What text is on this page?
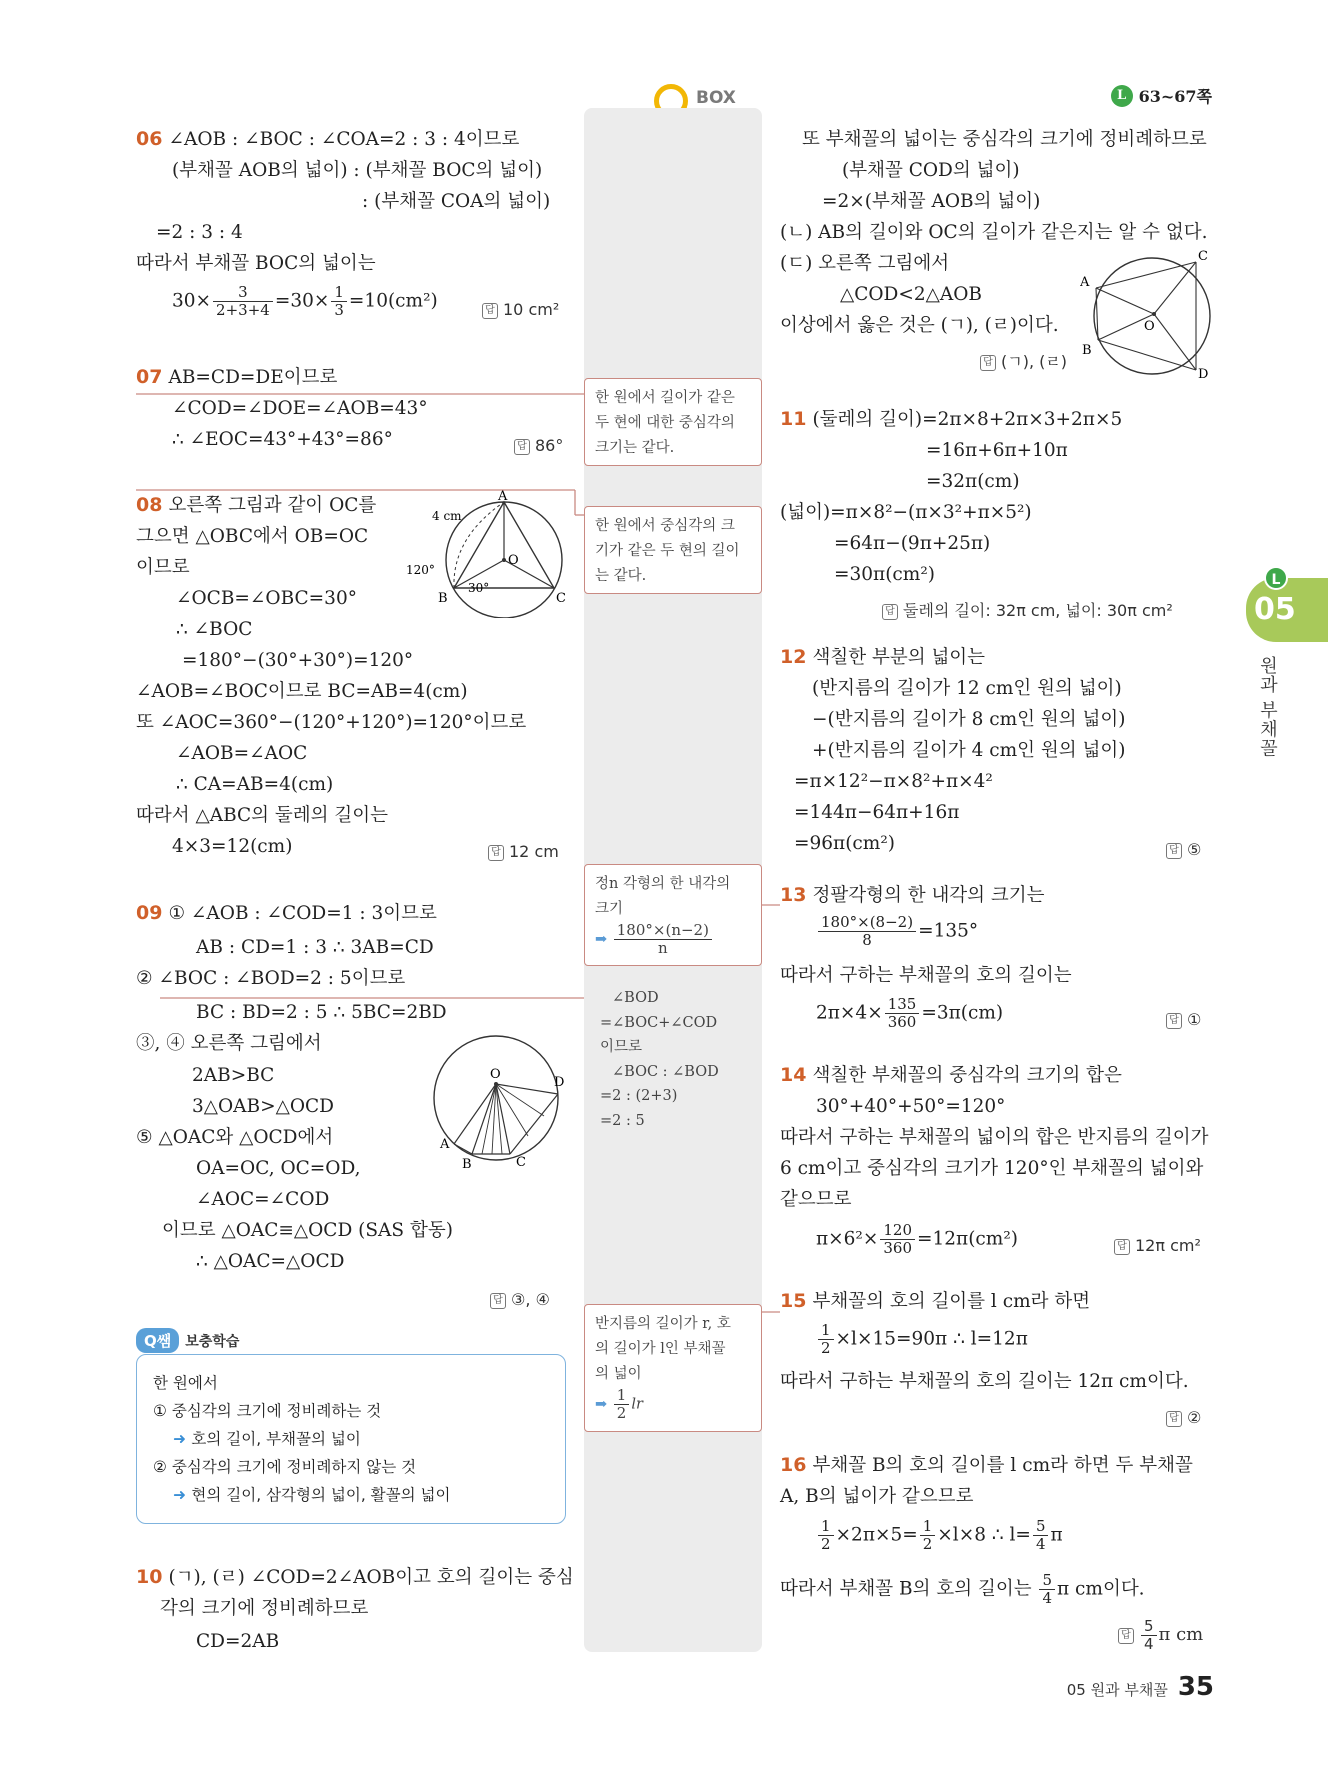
BOX	L 63~67쪽
한 원에서 길이가 같은
두 현에 대한 중심각의
크기는 같다.
한 원에서 중심각의 크
기가 같은 두 현의 길이
는 같다.
정n 각형의 한 내각의
크기
➡ $\frac{180^\circ\times(n-2)}{n}$
∠BOD
=∠BOC+∠COD
이므로
∠BOC : ∠BOD
=2 : (2+3)
=2 : 5
반지름의 길이가 r, 호
의 길이가 l인 부채꼴
의 넓이
➡ $\frac{1}{2}$ lr
06 ∠AOB : ∠BOC : ∠COA=2 : 3 : 4이므로
(부채꼴 AOB의 넓이) : (부채꼴 BOC의 넓이)
: (부채꼴 COA의 넓이)
=2 : 3 : 4
따라서 부채꼴 BOC의 넓이는
$30\times \frac{3}{2+3+4} =30\times \frac{1}{3} =10(cm^2)$	답 10 cm²
07 AB=CD=DE이므로
∠COD=∠DOE=∠AOB=43°
∴ ∠EOC=43°+43°=86°	답 86°
08 오른쪽 그림과 같이 OC를
그으면 △OBC에서 OB=OC
이므로
∠OCB=∠OBC=30°
∴ ∠BOC
=180°−(30°+30°)=120°
∠AOB=∠BOC이므로 BC=AB=4(cm)
또 ∠AOC=360°−(120°+120°)=120°이므로
∠AOB=∠AOC
∴ CA=AB=4(cm)
따라서 △ABC의 둘레의 길이는
4×3=12(cm)	답 12 cm
A
B	C
O
4 cm
120°
30°
09 ① ∠AOB : ∠COD=1 : 3이므로
AB : CD=1 : 3 ∴ 3AB=CD
② ∠BOC : ∠BOD=2 : 5이므로
BC : BD=2 : 5 ∴ 5BC=2BD
③, ④ 오른쪽 그림에서
2AB>BC
3△OAB>△OCD
⑤ △OAC와 △OCD에서
OA=OC, OC=OD,
∠AOC=∠COD
이므로 △OAC≡△OCD (SAS 합동)
∴ △OAC=△OCD
답 ③, ④
O
A
B	C
D
Q쌤	보충학습
한 원에서
① 중심각의 크기에 정비례하는 것
➜ 호의 길이, 부채꼴의 넓이
② 중심각의 크기에 정비례하지 않는 것
➜ 현의 길이, 삼각형의 넓이, 활꼴의 넓이
10 (ㄱ), (ㄹ) ∠COD=2∠AOB이고 호의 길이는 중심
각의 크기에 정비례하므로
CD=2AB
또 부채꼴의 넓이는 중심각의 크기에 정비례하므로
(부채꼴 COD의 넓이)
=2×(부채꼴 AOB의 넓이)
(ㄴ) AB의 길이와 OC의 길이가 같은지는 알 수 없다.
(ㄷ) 오른쪽 그림에서
△COD<2△AOB
이상에서 옳은 것은 (ㄱ), (ㄹ)이다.
답 (ㄱ), (ㄹ)
A
B
C
D
O
11 (둘레의 길이)=2π×8+2π×3+2π×5
=16π+6π+10π
=32π(cm)
(넓이)=π×8²−(π×3²+π×5²)
=64π−(9π+25π)
=30π(cm²)
답 둘레의 길이: 32π cm, 넓이: 30π cm²
12 색칠한 부분의 넓이는
(반지름의 길이가 12 cm인 원의 넓이)
−(반지름의 길이가 8 cm인 원의 넓이)
+(반지름의 길이가 4 cm인 원의 넓이)
=π×12²−π×8²+π×4²
=144π−64π+16π
=96π(cm²)	답 ⑤
13 정팔각형의 한 내각의 크기는
$\frac{180^\circ\times(8-2)}{8} =135^\circ$
따라서 구하는 부채꼴의 호의 길이는
$2\pi\times 4\times \frac{135}{360} =3\pi(cm)$	답 ①
14 색칠한 부채꼴의 중심각의 크기의 합은
30°+40°+50°=120°
따라서 구하는 부채꼴의 넓이의 합은 반지름의 길이가
6 cm이고 중심각의 크기가 120°인 부채꼴의 넓이와
같으므로
$\pi\times 6^2\times \frac{120}{360} =12\pi(cm^2)$	답 12π cm²
15 부채꼴의 호의 길이를 l cm라 하면
$\frac{1}{2} \times l\times 15=90\pi$ ∴ l=12π
따라서 구하는 부채꼴의 호의 길이는 12π cm이다.
답 ②
16 부채꼴 B의 호의 길이를 l cm라 하면 두 부채꼴
A, B의 넓이가 같으므로
$\frac{1}{2} \times 2\pi\times 5= \frac{1}{2} \times l\times 8$ ∴ $l= \frac{5}{4}$ π
따라서 부채꼴 B의 호의 길이는 $\frac{5}{4}$ π cm이다.
답 $\frac{5}{4}$ π cm
L
05
원과 부채꼴
05 원과 부채꼴 35
